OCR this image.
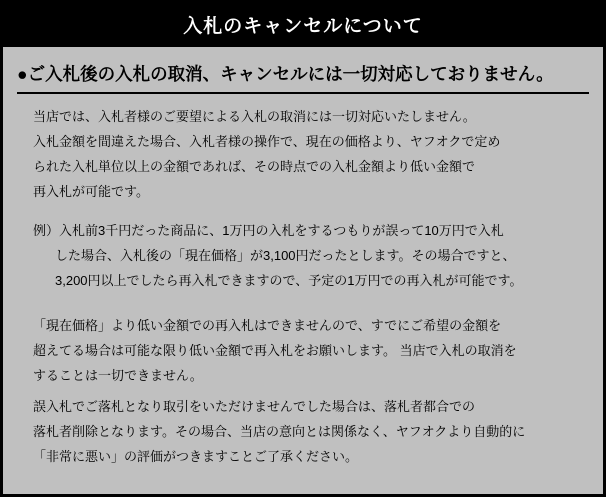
入札のキャンセルについて
●ご入札後の入札の取消、キャンセルには一切対応しておりません。
当店では、入札者様のご要望による入札の取消には一切対応いたしません。
入札金額を間違えた場合、入札者様の操作で、現在の価格より、ヤフオクで定め
られた入札単位以上の金額であれば、その時点での入札金額より低い金額で
再入札が可能です。
例）入札前3千円だった商品に、1万円の入札をするつもりが誤って10万円で入札
した場合、入札後の「現在価格」が3,100円だったとします。その場合ですと、
3,200円以上でしたら再入札できますので、予定の1万円での再入札が可能です。
「現在価格」より低い金額での再入札はできませんので、すでにご希望の金額を
超えてる場合は可能な限り低い金額で再入札をお願いします。 当店で入札の取消を
することは一切できません。
誤入札でご落札となり取引をいただけませんでした場合は、落札者都合での
落札者削除となります。その場合、当店の意向とは関係なく、ヤフオクより自動的に
「非常に悪い」の評価がつきますことご了承ください。
